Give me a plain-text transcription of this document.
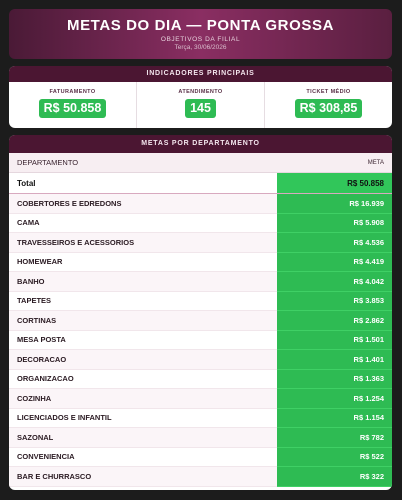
METAS DO DIA — PONTA GROSSA
OBJETIVOS DA FILIAL
Terça, 30/06/2026
INDICADORES PRINCIPAIS
FATURAMENTO
R$ 50.858
ATENDIMENTO
145
TICKET MÉDIO
R$ 308,85
METAS POR DEPARTAMENTO
DEPARTAMENTO	META
Total	R$ 50.858
COBERTORES E EDREDONS	R$ 16.939
CAMA	R$ 5.908
TRAVESSEIROS E ACESSORIOS	R$ 4.536
HOMEWEAR	R$ 4.419
BANHO	R$ 4.042
TAPETES	R$ 3.853
CORTINAS	R$ 2.862
MESA POSTA	R$ 1.501
DECORACAO	R$ 1.401
ORGANIZACAO	R$ 1.363
COZINHA	R$ 1.254
LICENCIADOS E INFANTIL	R$ 1.154
SAZONAL	R$ 782
CONVENIENCIA	R$ 522
BAR E CHURRASCO	R$ 322
